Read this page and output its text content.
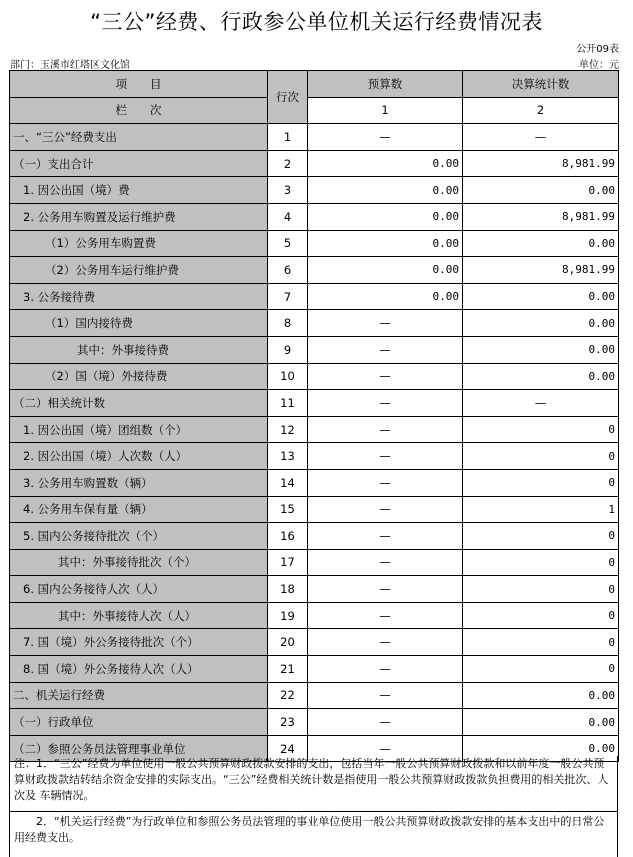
“三公”经费、行政参公单位机关运行经费情况表
公开09表
部门：玉溪市红塔区文化馆	单位：元
项　　目	行次	预算数	决算统计数
栏　　次		1	2
一、“三公”经费支出	1	—	—
（一）支出合计	2	0.00	8,981.99
1. 因公出国（境）费	3	0.00	0.00
2. 公务用车购置及运行维护费	4	0.00	8,981.99
（1）公务用车购置费	5	0.00	0.00
（2）公务用车运行维护费	6	0.00	8,981.99
3. 公务接待费	7	0.00	0.00
（1）国内接待费	8	—	0.00
其中：外事接待费	9	—	0.00
（2）国（境）外接待费	10	—	0.00
（二）相关统计数	11	—	—
1. 因公出国（境）团组数（个）	12	—	0
2. 因公出国（境）人次数（人）	13	—	0
3. 公务用车购置数（辆）	14	—	0
4. 公务用车保有量（辆）	15	—	1
5. 国内公务接待批次（个）	16	—	0
其中：外事接待批次（个）	17	—	0
6. 国内公务接待人次（人）	18	—	0
其中：外事接待人次（人）	19	—	0
7. 国（境）外公务接待批次（个）	20	—	0
8. 国（境）外公务接待人次（人）	21	—	0
二、机关运行经费	22	—	0.00
（一）行政单位	23	—	0.00
（二）参照公务员法管理事业单位	24	—	0.00
注：1．“三公”经费为单位使用一般公共预算财政拨款安排的支出，包括当年一般公共预算财政拨款和以前年度一般公共预算财政拨款结转结余资金安排的实际支出。“三公”经费相关统计数是指使用一般公共预算财政拨款负担费用的相关批次、人次及 车辆情况。
　　2．“机关运行经费”为行政单位和参照公务员法管理的事业单位使用一般公共预算财政拨款安排的基本支出中的日常公用经费支出。
